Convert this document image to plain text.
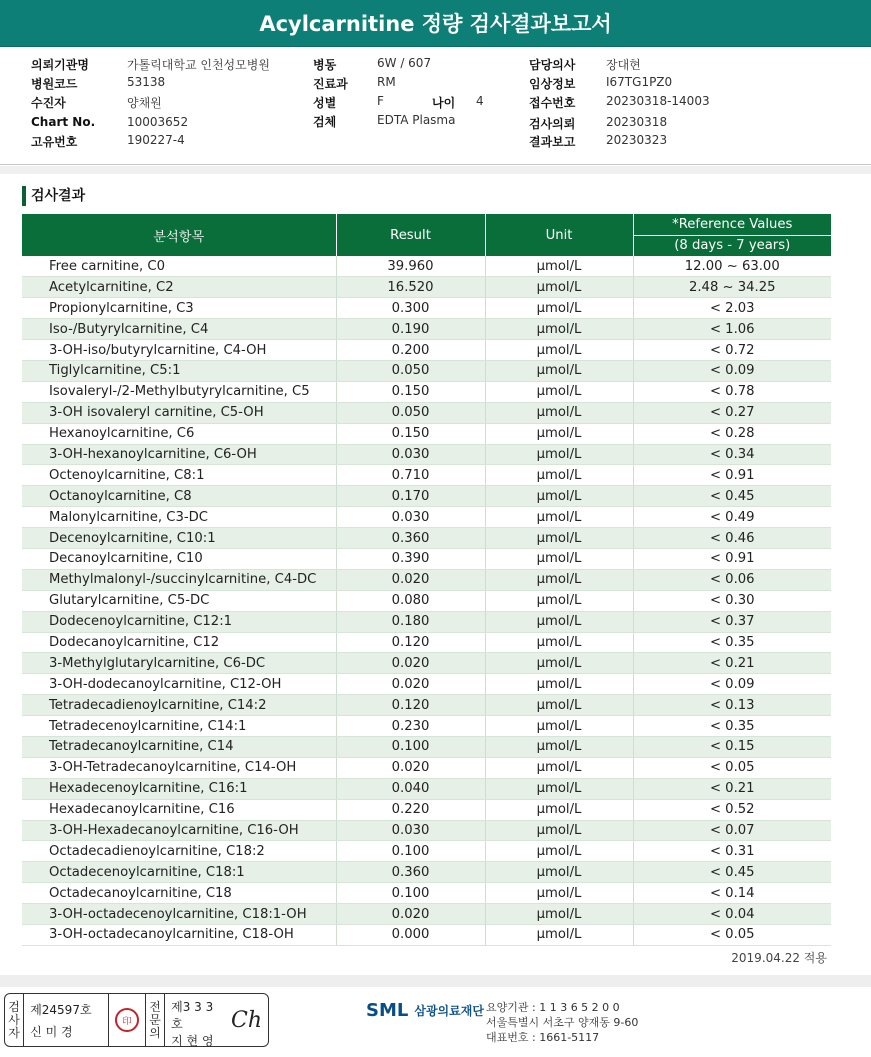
Acylcarnitine 정량 검사결과보고서
의뢰기관명	가톨릭대학교 인천성모병원
병원코드	53138
수진자	양채원
Chart No.	10003652
고유번호	190227-4
병동	6W / 607
진료과 RM
성별	F	나이 4
검체	EDTA Plasma
담당의사	장대현
임상정보	I67TG1PZ0
접수번호	20230318-14003
검사의뢰	20230318
결과보고	20230323
검사결과
분석항목	Result	Unit	*Reference Values
			(8 days - 7 years)
Free carnitine, C0	39.960	μmol/L	12.00 ~ 63.00
Acetylcarnitine, C2	16.520	μmol/L	2.48 ~ 34.25
Propionylcarnitine, C3	0.300	μmol/L	< 2.03
Iso-/Butyrylcarnitine, C4	0.190	μmol/L	< 1.06
3-OH-iso/butyrylcarnitine, C4-OH	0.200	μmol/L	< 0.72
Tiglylcarnitine, C5:1	0.050	μmol/L	< 0.09
Isovaleryl-/2-Methylbutyrylcarnitine, C5	0.150	μmol/L	< 0.78
3-OH isovaleryl carnitine, C5-OH	0.050	μmol/L	< 0.27
Hexanoylcarnitine, C6	0.150	μmol/L	< 0.28
3-OH-hexanoylcarnitine, C6-OH	0.030	μmol/L	< 0.34
Octenoylcarnitine, C8:1	0.710	μmol/L	< 0.91
Octanoylcarnitine, C8	0.170	μmol/L	< 0.45
Malonylcarnitine, C3-DC	0.030	μmol/L	< 0.49
Decenoylcarnitine, C10:1	0.360	μmol/L	< 0.46
Decanoylcarnitine, C10	0.390	μmol/L	< 0.91
Methylmalonyl-/succinylcarnitine, C4-DC	0.020	μmol/L	< 0.06
Glutarylcarnitine, C5-DC	0.080	μmol/L	< 0.30
Dodecenoylcarnitine, C12:1	0.180	μmol/L	< 0.37
Dodecanoylcarnitine, C12	0.120	μmol/L	< 0.35
3-Methylglutarylcarnitine, C6-DC	0.020	μmol/L	< 0.21
3-OH-dodecanoylcarnitine, C12-OH	0.020	μmol/L	< 0.09
Tetradecadienoylcarnitine, C14:2	0.120	μmol/L	< 0.13
Tetradecenoylcarnitine, C14:1	0.230	μmol/L	< 0.35
Tetradecanoylcarnitine, C14	0.100	μmol/L	< 0.15
3-OH-Tetradecanoylcarnitine, C14-OH	0.020	μmol/L	< 0.05
Hexadecenoylcarnitine, C16:1	0.040	μmol/L	< 0.21
Hexadecanoylcarnitine, C16	0.220	μmol/L	< 0.52
3-OH-Hexadecanoylcarnitine, C16-OH	0.030	μmol/L	< 0.07
Octadecadienoylcarnitine, C18:2	0.100	μmol/L	< 0.31
Octadecenoylcarnitine, C18:1	0.360	μmol/L	< 0.45
Octadecanoylcarnitine, C18	0.100	μmol/L	< 0.14
3-OH-octadecenoylcarnitine, C18:1-OH	0.020	μmol/L	< 0.04
3-OH-octadecanoylcarnitine, C18-OH	0.000	μmol/L	< 0.05
2019.04.22 적용
검
사
자
제24597호
신 미 경
印
전
문
의
제3 3 3 호
지 현 영
Ch	SML 삼광의료재단 요양기관 : 1 1 3 6 5 2 0 0
서울특별시 서초구 양재동 9-60
대표번호 : 1661-5117
